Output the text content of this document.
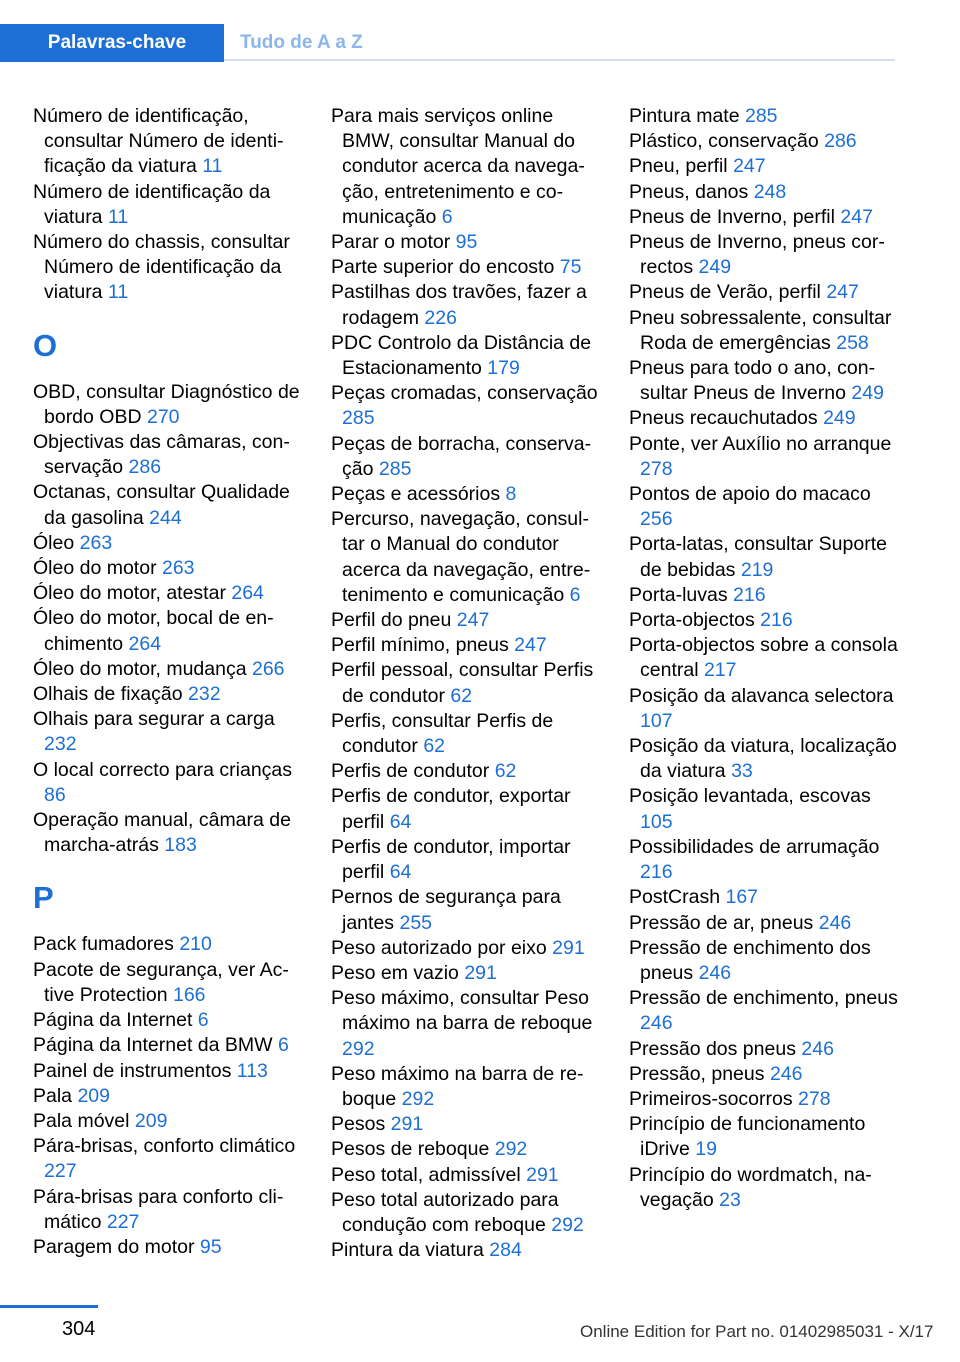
Palavras-chave	Tudo de A a Z
Número de identificação, consultar Número de identificação da viatura 11
Número de identificação da viatura 11
Número do chassis, consultar Número de identificação da viatura 11
O
OBD, consultar Diagnóstico de bordo OBD 270
Objectivas das câmaras, conservação 286
Octanas, consultar Qualidade da gasolina 244
Óleo 263
Óleo do motor 263
Óleo do motor, atestar 264
Óleo do motor, bocal de enchimento 264
Óleo do motor, mudança 266
Olhais de fixação 232
Olhais para segurar a carga 232
O local correcto para crianças 86
Operação manual, câmara de marcha-atrás 183
P
Pack fumadores 210
Pacote de segurança, ver Active Protection 166
Página da Internet 6
Página da Internet da BMW 6
Painel de instrumentos 113
Pala 209
Pala móvel 209
Pára-brisas, conforto climático 227
Pára-brisas para conforto climático 227
Paragem do motor 95
Para mais serviços online BMW, consultar Manual do condutor acerca da navegação, entretenimento e comunicação 6
Parar o motor 95
Parte superior do encosto 75
Pastilhas dos travões, fazer a rodagem 226
PDC Controlo da Distância de Estacionamento 179
Peças cromadas, conservação 285
Peças de borracha, conservação 285
Peças e acessórios 8
Percurso, navegação, consultar o Manual do condutor acerca da navegação, entretenimento e comunicação 6
Perfil do pneu 247
Perfil mínimo, pneus 247
Perfil pessoal, consultar Perfis de condutor 62
Perfis, consultar Perfis de condutor 62
Perfis de condutor 62
Perfis de condutor, exportar perfil 64
Perfis de condutor, importar perfil 64
Pernos de segurança para jantes 255
Peso autorizado por eixo 291
Peso em vazio 291
Peso máximo, consultar Peso máximo na barra de reboque 292
Peso máximo na barra de reboque 292
Pesos 291
Pesos de reboque 292
Peso total, admissível 291
Peso total autorizado para condução com reboque 292
Pintura da viatura 284
Pintura mate 285
Plástico, conservação 286
Pneu, perfil 247
Pneus, danos 248
Pneus de Inverno, perfil 247
Pneus de Inverno, pneus correctos 249
Pneus de Verão, perfil 247
Pneu sobressalente, consultar Roda de emergências 258
Pneus para todo o ano, consultar Pneus de Inverno 249
Pneus recauchutados 249
Ponte, ver Auxílio no arranque 278
Pontos de apoio do macaco 256
Porta-latas, consultar Suporte de bebidas 219
Porta-luvas 216
Porta-objectos 216
Porta-objectos sobre a consola central 217
Posição da alavanca selectora 107
Posição da viatura, localização da viatura 33
Posição levantada, escovas 105
Possibilidades de arrumação 216
PostCrash 167
Pressão de ar, pneus 246
Pressão de enchimento dos pneus 246
Pressão de enchimento, pneus 246
Pressão dos pneus 246
Pressão, pneus 246
Primeiros-socorros 278
Princípio de funcionamento iDrive 19
Princípio do wordmatch, navegação 23
304	Online Edition for Part no. 01402985031 - X/17
